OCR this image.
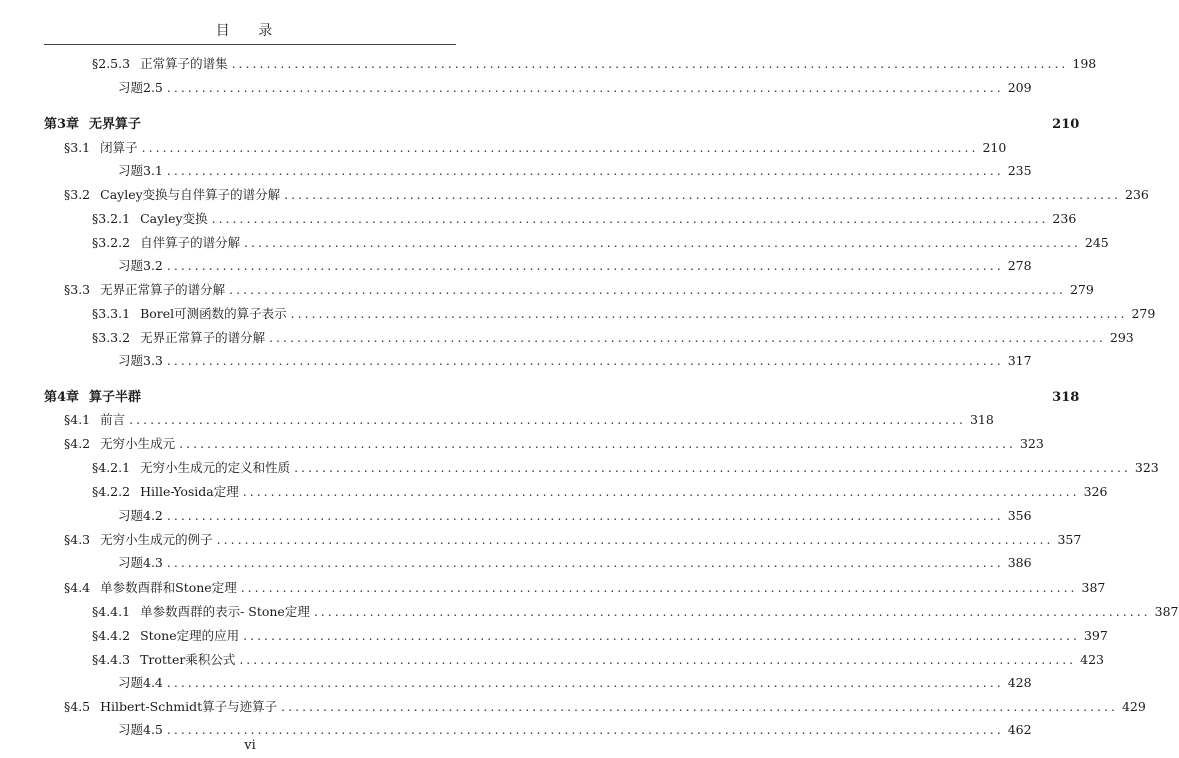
目 录
§2.5.3 正常算子的谱集 ........................................................................................................................ 198
习题2.5 ........................................................................................................................ 209
第3章 无界算子	210
§3.1 闭算子 ........................................................................................................................ 210
习题3.1 ........................................................................................................................ 235
§3.2 Cayley变换与自伴算子的谱分解 ........................................................................................................................ 236
§3.2.1 Cayley变换 ........................................................................................................................ 236
§3.2.2 自伴算子的谱分解 ........................................................................................................................ 245
习题3.2 ........................................................................................................................ 278
§3.3 无界正常算子的谱分解 ........................................................................................................................ 279
§3.3.1 Borel可测函数的算子表示 ........................................................................................................................ 279
§3.3.2 无界正常算子的谱分解 ........................................................................................................................ 293
习题3.3 ........................................................................................................................ 317
第4章 算子半群	318
§4.1 前言 ........................................................................................................................ 318
§4.2 无穷小生成元 ........................................................................................................................ 323
§4.2.1 无穷小生成元的定义和性质 ........................................................................................................................ 323
§4.2.2 Hille-Yosida定理 ........................................................................................................................ 326
习题4.2 ........................................................................................................................ 356
§4.3 无穷小生成元的例子 ........................................................................................................................ 357
习题4.3 ........................................................................................................................ 386
§4.4 单参数酉群和Stone定理 ........................................................................................................................ 387
§4.4.1 单参数酉群的表示- Stone定理 ........................................................................................................................ 387
§4.4.2 Stone定理的应用 ........................................................................................................................ 397
§4.4.3 Trotter乘积公式 ........................................................................................................................ 423
习题4.4 ........................................................................................................................ 428
§4.5 Hilbert-Schmidt算子与迹算子 ........................................................................................................................ 429
习题4.5 ........................................................................................................................ 462
vi
